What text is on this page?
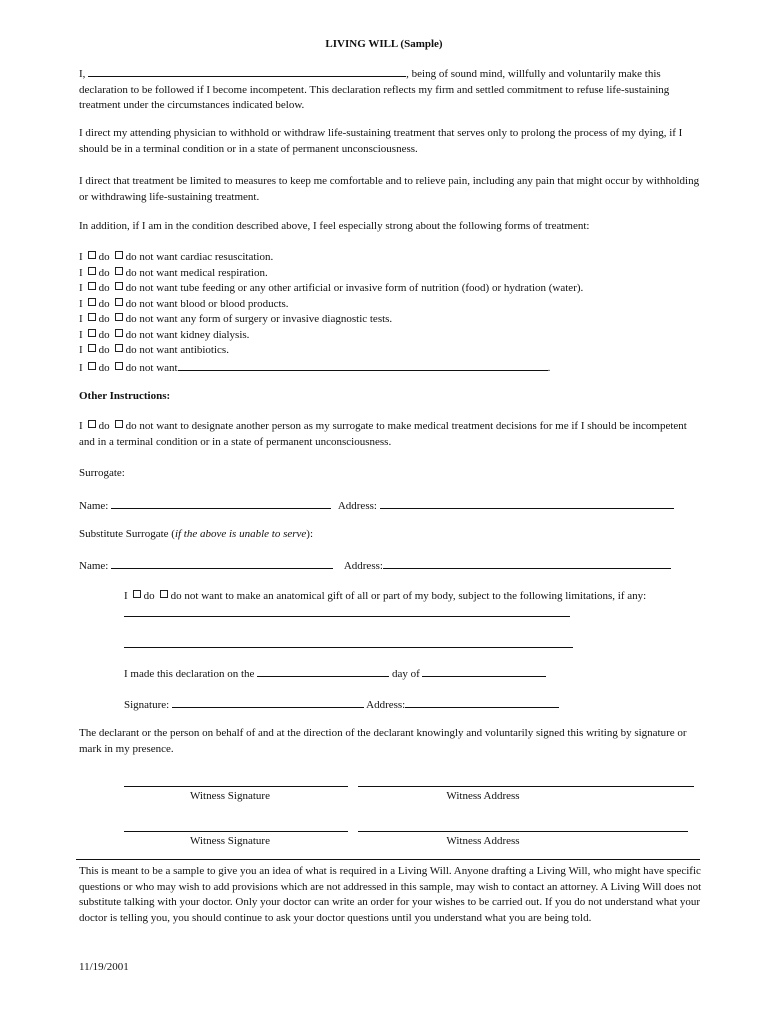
LIVING WILL (Sample)
I,	, being of sound mind, willfully and voluntarily make this declaration to be followed if I become incompetent. This declaration reflects my firm and settled commitment to refuse life-sustaining treatment under the circumstances indicated below.
I direct my attending physician to withhold or withdraw life-sustaining treatment that serves only to prolong the process of my dying, if I should be in a terminal condition or in a state of permanent unconsciousness.
I direct that treatment be limited to measures to keep me comfortable and to relieve pain, including any pain that might occur by withholding or withdrawing life-sustaining treatment.
In addition, if I am in the condition described above, I feel especially strong about the following forms of treatment:
I do do not want cardiac resuscitation.
I do do not want medical respiration.
I do do not want tube feeding or any other artificial or invasive form of nutrition (food) or hydration (water).
I do do not want blood or blood products.
I do do not want any form of surgery or invasive diagnostic tests.
I do do not want kidney dialysis.
I do do not want antibiotics.
I do do not want	.
Other Instructions:
I do do not want to designate another person as my surrogate to make medical treatment decisions for me if I should be incompetent and in a terminal condition or in a state of permanent unconsciousness.
Surrogate:
Name:	Address:
Substitute Surrogate (if the above is unable to serve):
Name:	Address:
I do do not want to make an anatomical gift of all or part of my body, subject to the following limitations, if any:
I made this declaration on the	day of
Signature:	Address:
The declarant or the person on behalf of and at the direction of the declarant knowingly and voluntarily signed this writing by signature or mark in my presence.
Witness Signature	Witness Address
Witness Signature	Witness Address
This is meant to be a sample to give you an idea of what is required in a Living Will. Anyone drafting a Living Will, who might have specific questions or who may wish to add provisions which are not addressed in this sample, may wish to contact an attorney. A Living Will does not substitute talking with your doctor. Only your doctor can write an order for your wishes to be carried out. If you do not understand what your doctor is telling you, you should continue to ask your doctor questions until you understand what you are being told.
11/19/2001
